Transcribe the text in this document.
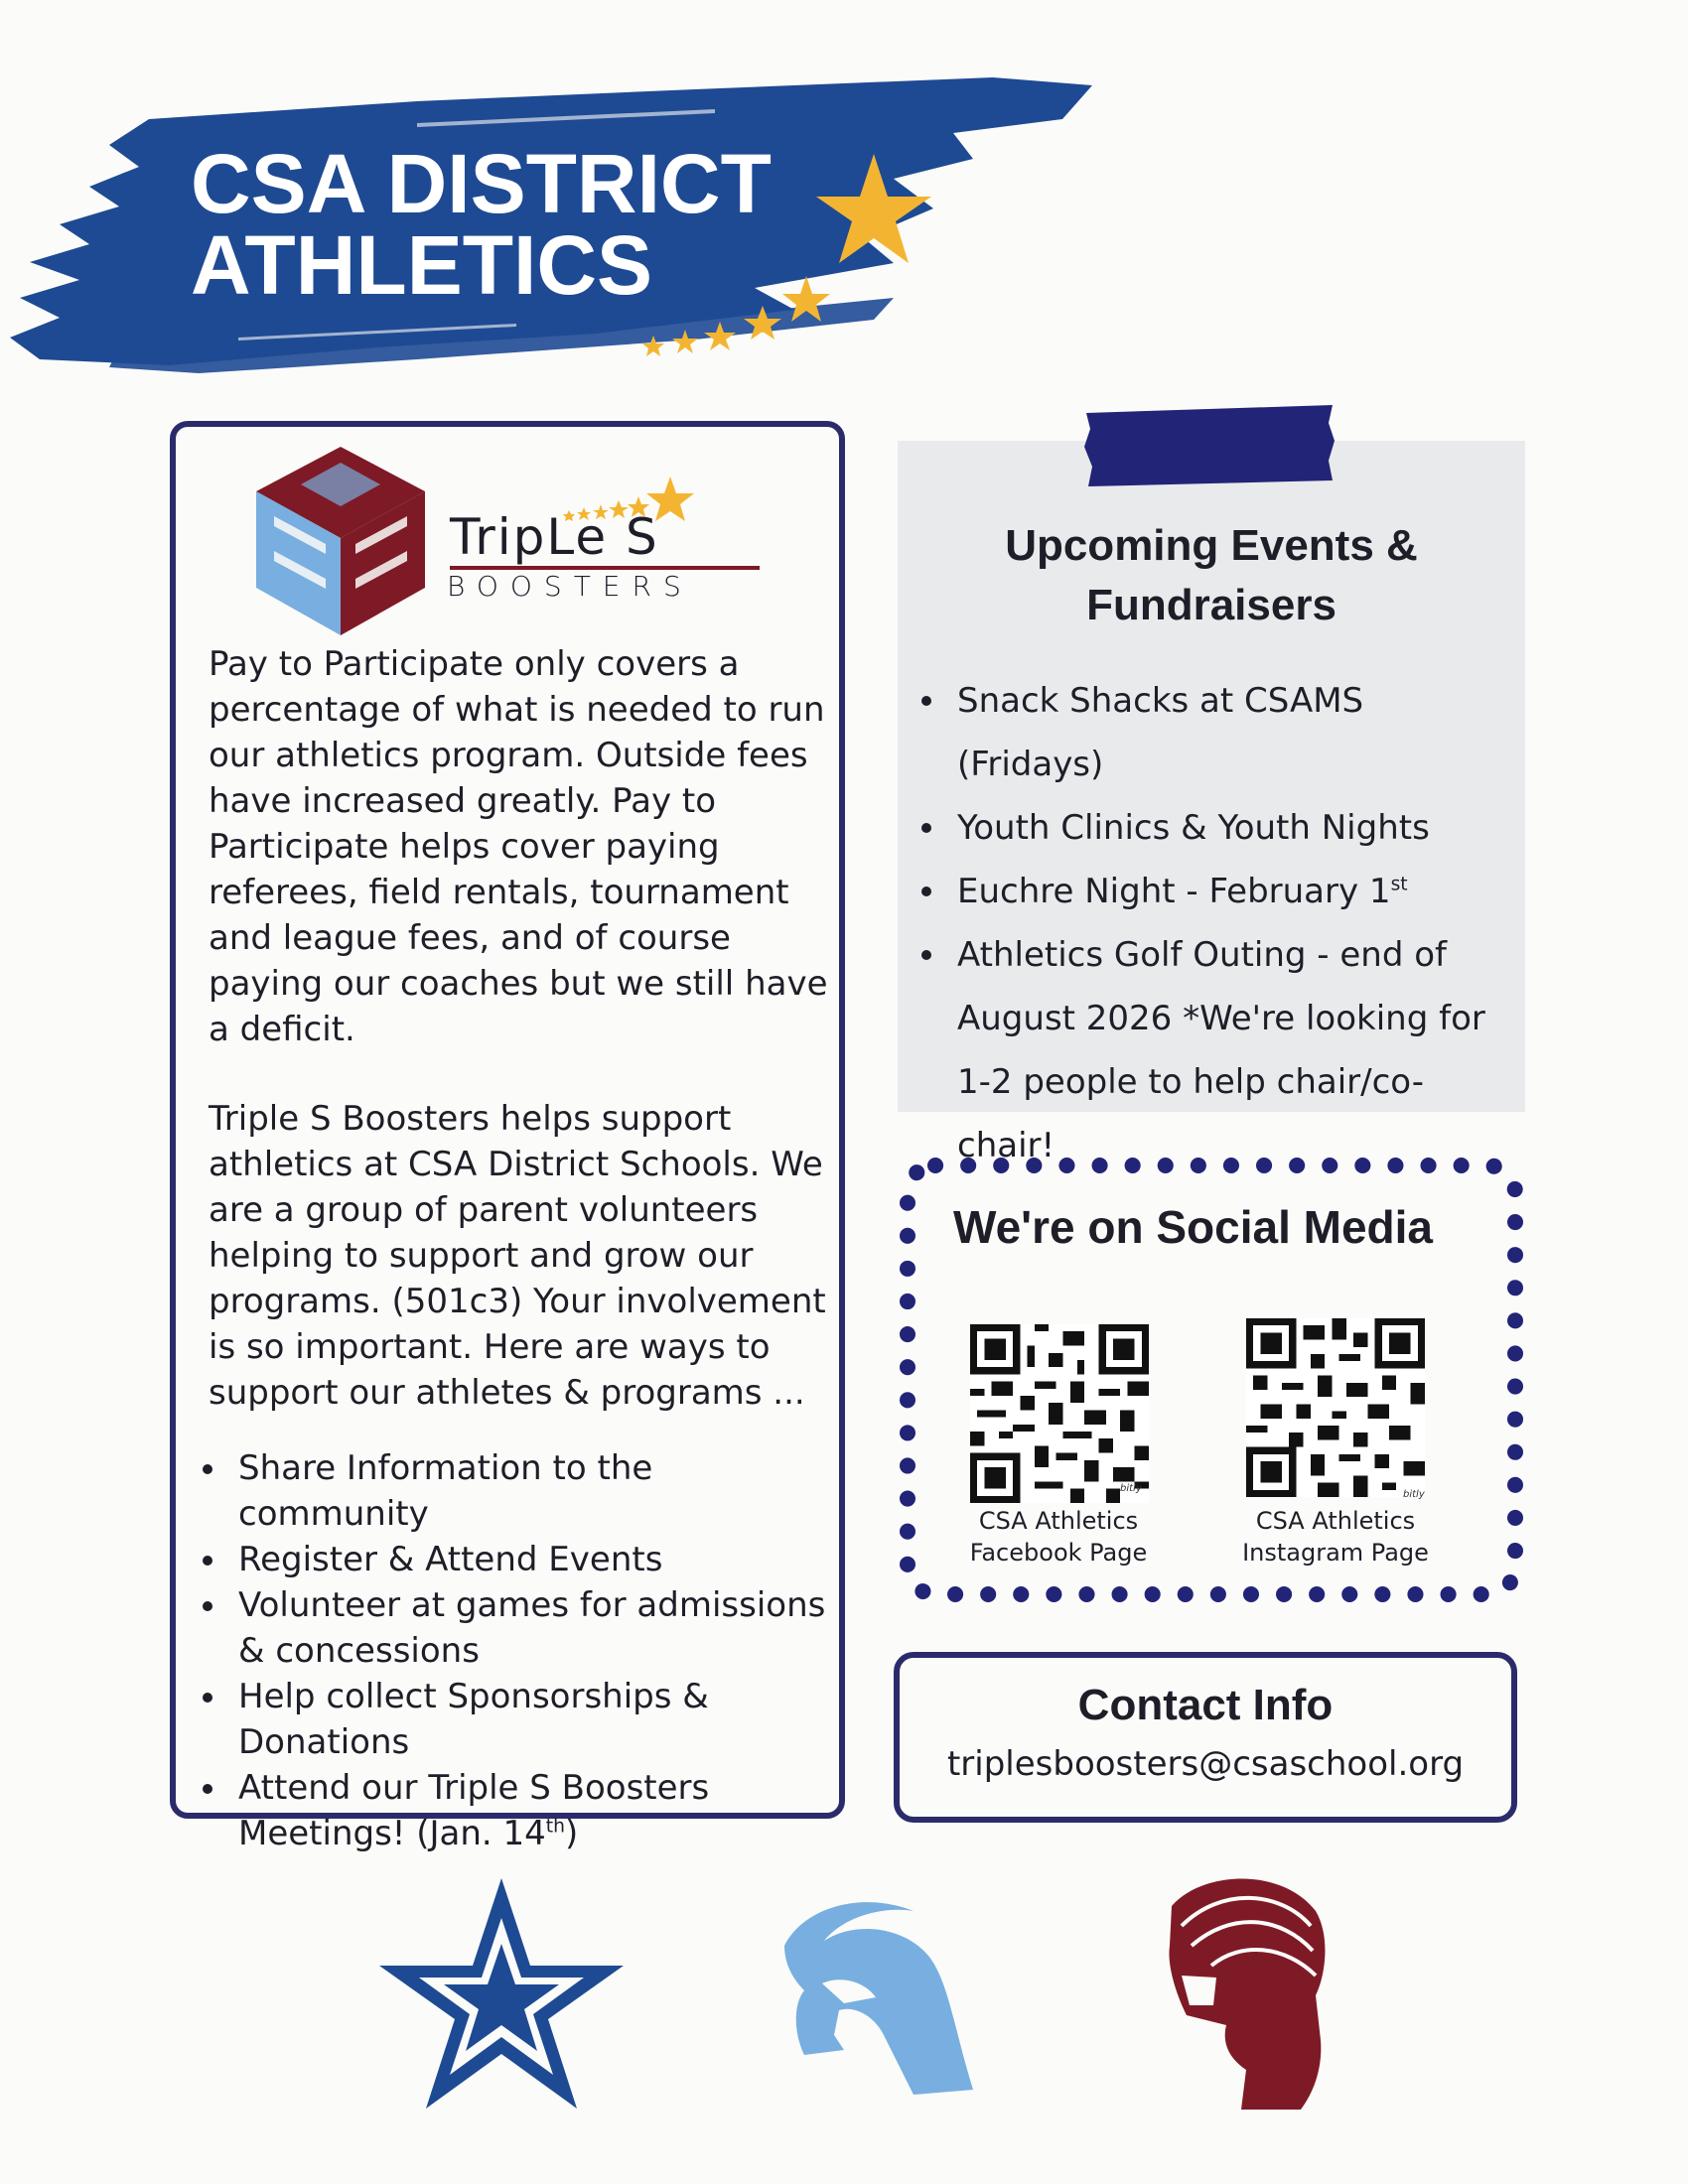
CSA DISTRICT
ATHLETICS
TripLe S
BOOSTERS
Pay to Participate only covers a percentage of what is needed to run our athletics program. Outside fees have increased greatly. Pay to Participate helps cover paying referees, field rentals, tournament and league fees, and of course paying our coaches but we still have a deficit.
Triple S Boosters helps support athletics at CSA District Schools. We are a group of parent volunteers helping to support and grow our programs. (501c3) Your involvement is so important. Here are ways to support our athletes & programs ...
Share Information to the community
Register & Attend Events
Volunteer at games for admissions & concessions
Help collect Sponsorships & Donations
Attend our Triple S Boosters Meetings! (Jan. 14th)
Upcoming Events & Fundraisers
Snack Shacks at CSAMS (Fridays)
Youth Clinics & Youth Nights
Euchre Night - February 1st
Athletics Golf Outing - end of August 2026 *We're looking for 1-2 people to help chair/co-chair!
We're on Social Media
bitly
bitly
CSA Athletics
Facebook Page
CSA Athletics
Instagram Page
Contact Info
triplesboosters@csaschool.org
